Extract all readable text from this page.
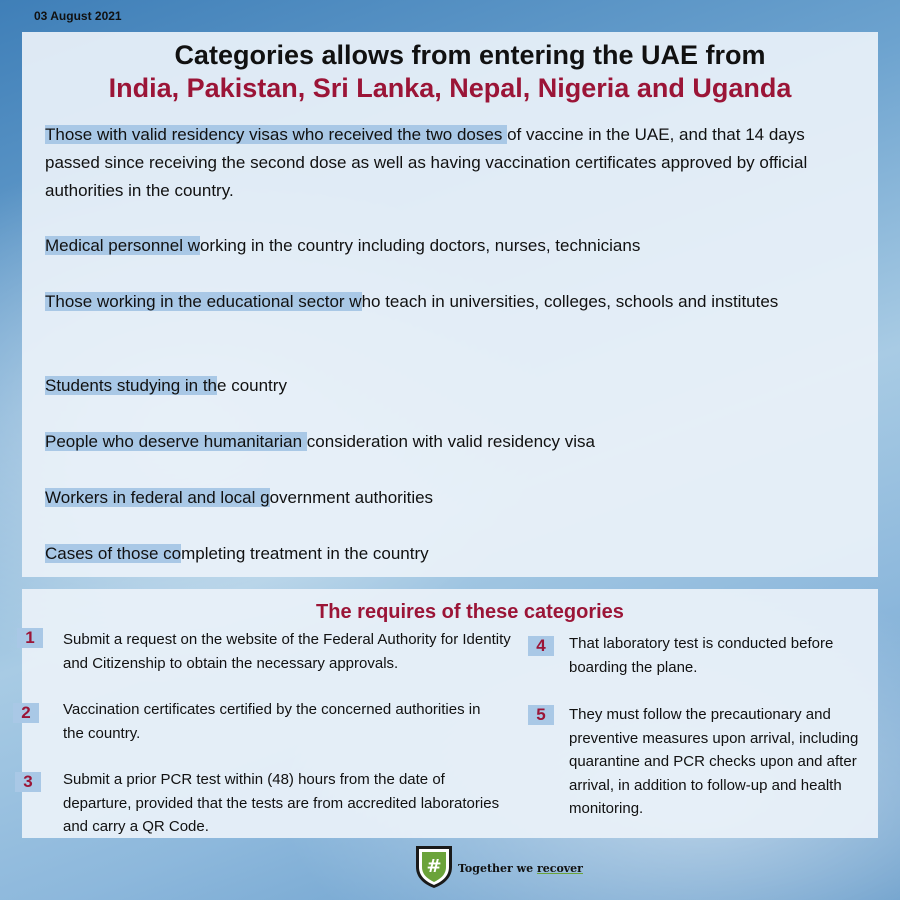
03 August 2021
Categories allows from entering the UAE from
India, Pakistan, Sri Lanka, Nepal, Nigeria and Uganda
Those with valid residency visas who received the two doses of vaccine in the UAE, and that 14 days passed since receiving the second dose as well as having vaccination certificates approved by official authorities in the country.
Medical personnel working in the country including doctors, nurses, technicians
Those working in the educational sector who teach in universities, colleges, schools and institutes
Students studying in the country
People who deserve humanitarian consideration with valid residency visa
Workers in federal and local government authorities
Cases of those completing treatment in the country
The requires of these categories
1	Submit a request on the website of the Federal Authority for Identity and Citizenship to obtain the necessary approvals.
2	Vaccination certificates certified by the concerned authorities in the country.
3	Submit a prior PCR test within (48) hours from the date of departure, provided that the tests are from accredited laboratories and carry a QR Code.
4	That laboratory test is conducted before boarding the plane.
5	They must follow the precautionary and preventive measures upon arrival, including quarantine and PCR checks upon and after arrival, in addition to follow-up and health monitoring.
# Together we recover
